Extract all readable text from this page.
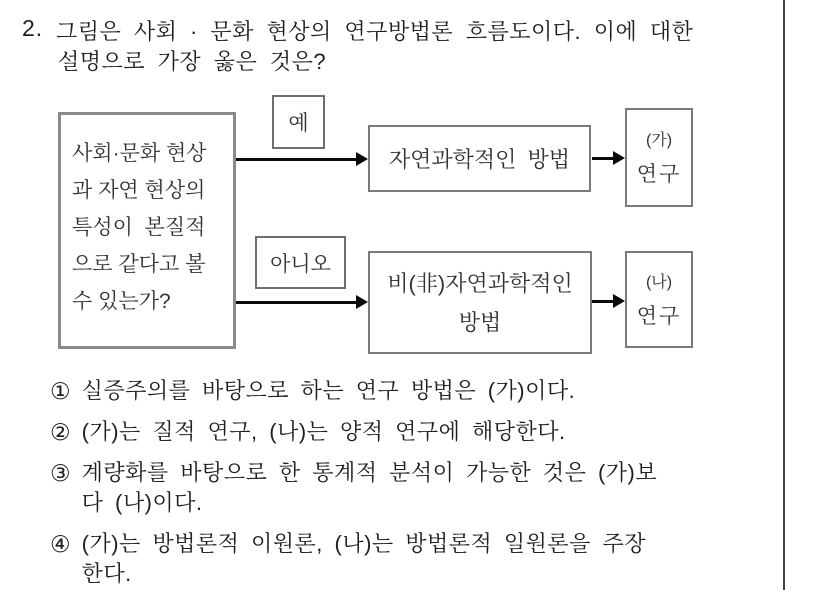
2. 그림은 사회 · 문화 현상의 연구방법론 흐름도이다. 이에 대한
설명으로 가장 옳은 것은?
사회·문화 현상
과 자연 현상의
특성이  본질적
으로 같다고 볼
수 있는가?
예
아니오
자연과학적인 방법
비(非)자연과학적인
방법
(가)
연구
(나)
연구
① 실증주의를 바탕으로 하는 연구 방법은 (가)이다.
② (가)는 질적 연구, (나)는 양적 연구에 해당한다.
③ 계량화를 바탕으로 한 통계적 분석이 가능한 것은 (가)보
다 (나)이다.
④ (가)는 방법론적 이원론, (나)는 방법론적 일원론을 주장
한다.
